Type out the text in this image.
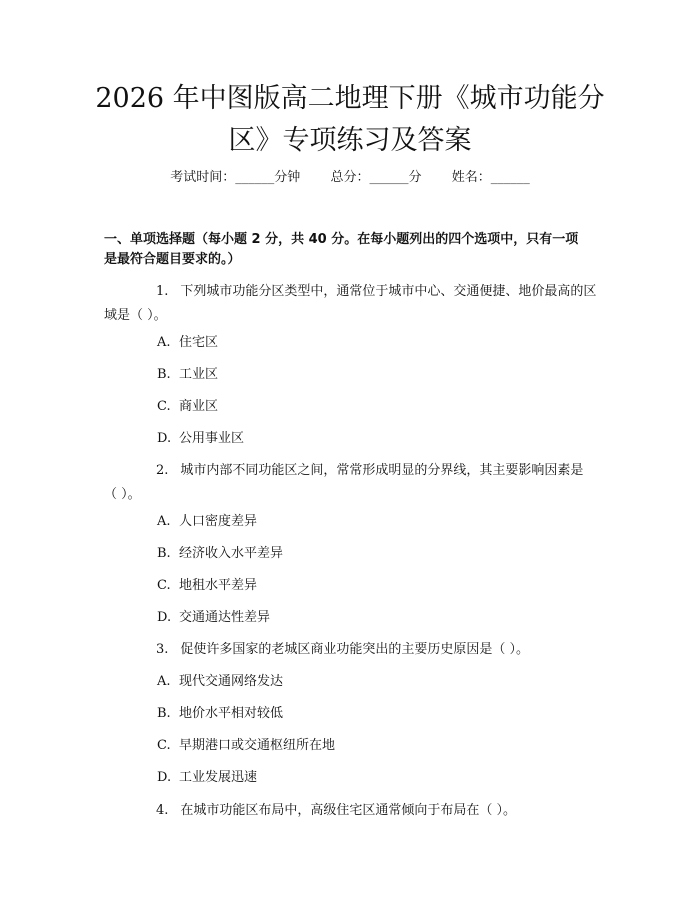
2026 年中图版高二地理下册《城市功能分
区》专项练习及答案
考试时间：______分钟 总分：______分 姓名：______
一、单项选择题（每小题 2 分，共 40 分。在每小题列出的四个选项中，只有一项
是最符合题目要求的。）
1. 下列城市功能分区类型中，通常位于城市中心、交通便捷、地价最高的区
域是（ ）。
A. 住宅区
B. 工业区
C. 商业区
D. 公用事业区
2. 城市内部不同功能区之间，常常形成明显的分界线，其主要影响因素是
（ ）。
A. 人口密度差异
B. 经济收入水平差异
C. 地租水平差异
D. 交通通达性差异
3. 促使许多国家的老城区商业功能突出的主要历史原因是（ ）。
A. 现代交通网络发达
B. 地价水平相对较低
C. 早期港口或交通枢纽所在地
D. 工业发展迅速
4. 在城市功能区布局中，高级住宅区通常倾向于布局在（ ）。
